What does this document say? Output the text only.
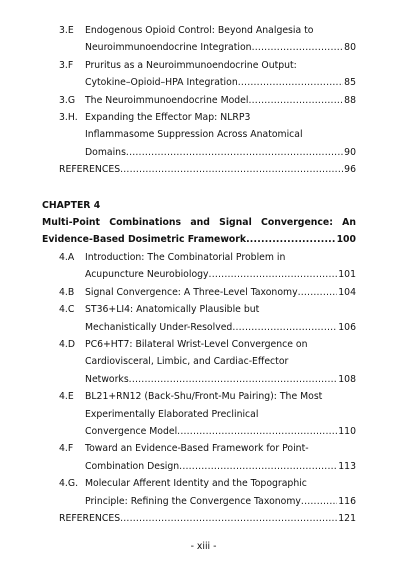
3.E	Endogenous Opioid Control: Beyond Analgesia to
Neuroimmunoendocrine Integration .....	80
3.F	Pruritus as a Neuroimmunoendocrine Output:
Cytokine–Opioid–HPA Integration .....	85
3.G	The Neuroimmunoendocrine Model .....	88
3.H. Expanding the Effector Map: NLRP3
Inflammasome Suppression Across Anatomical
Domains .....	90
REFERENCES .....	96
CHAPTER 4
Multi-Point Combinations and Signal Convergence: An
Evidence-Based Dosimetric Framework .....	100
4.A	Introduction: The Combinatorial Problem in
Acupuncture Neurobiology .....	101
4.B	Signal Convergence: A Three-Level Taxonomy .....	104
4.C	ST36+LI4: Anatomically Plausible but
Mechanistically Under-Resolved .....	106
4.D	PC6+HT7: Bilateral Wrist-Level Convergence on
Cardiovisceral, Limbic, and Cardiac-Effector
Networks .....	108
4.E	BL21+RN12 (Back-Shu/Front-Mu Pairing): The Most
Experimentally Elaborated Preclinical
Convergence Model .....	110
4.F	Toward an Evidence-Based Framework for Point-
Combination Design .....	113
4.G. Molecular Afferent Identity and the Topographic
Principle: Refining the Convergence Taxonomy .....	116
REFERENCES .....	121
- xiii -
